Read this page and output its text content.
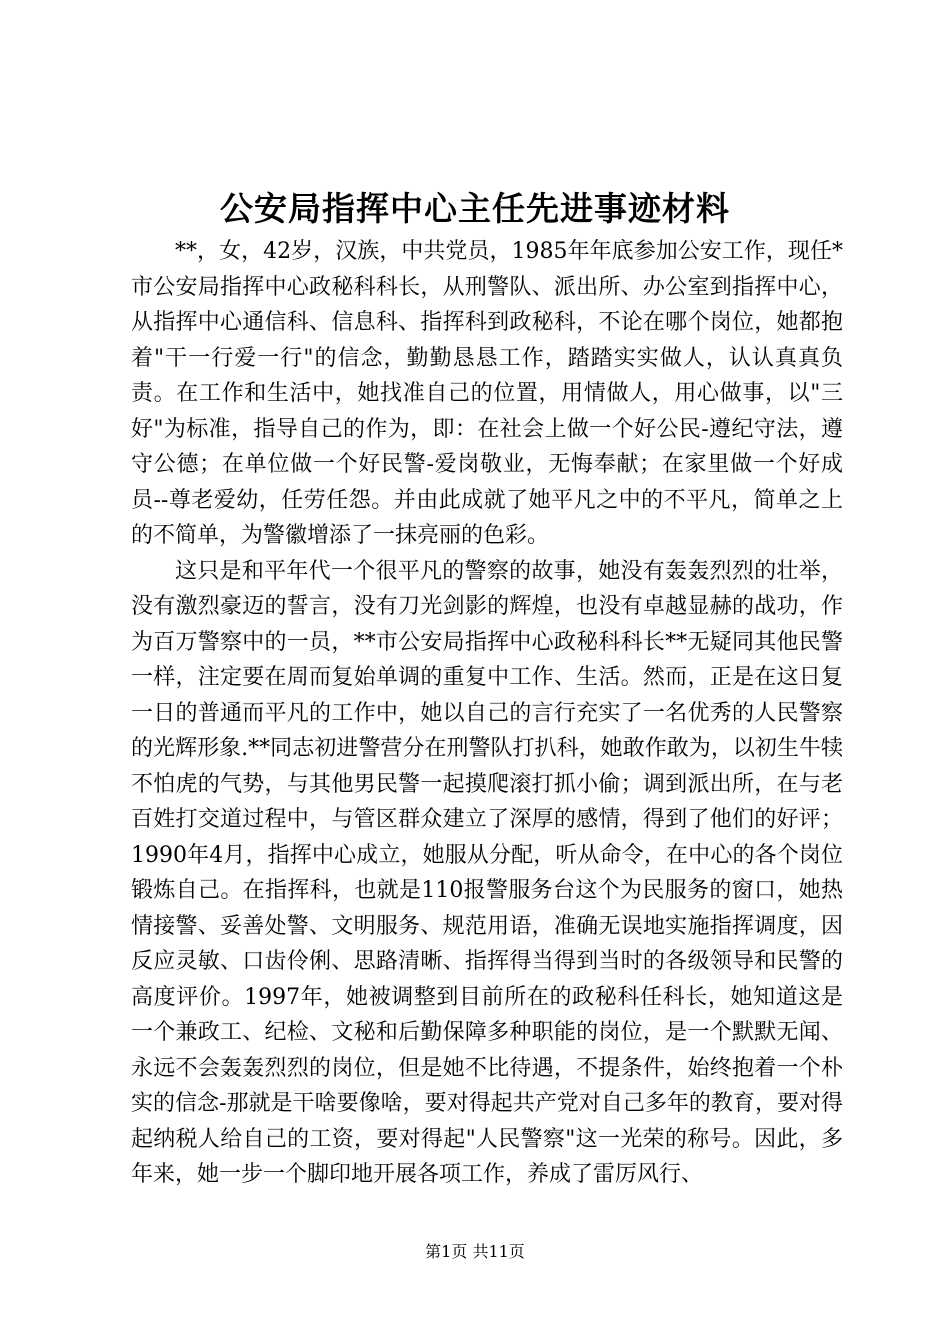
公安局指挥中心主任先进事迹材料

**，女，42岁，汉族，中共党员，1985年年底参加公安工作，现任*市公安局指挥中心政秘科科长，从刑警队、派出所、办公室到指挥中心，从指挥中心通信科、信息科、指挥科到政秘科，不论在哪个岗位，她都抱着"干一行爱一行"的信念，勤勤恳恳工作，踏踏实实做人，认认真真负责。在工作和生活中，她找准自己的位置，用情做人，用心做事，以"三好"为标准，指导自己的作为，即：在社会上做一个好公民-遵纪守法，遵守公德；在单位做一个好民警-爱岗敬业，无悔奉献；在家里做一个好成员--尊老爱幼，任劳任怨。并由此成就了她平凡之中的不平凡，简单之上的不简单，为警徽增添了一抹亮丽的色彩。

这只是和平年代一个很平凡的警察的故事，她没有轰轰烈烈的壮举，没有激烈豪迈的誓言，没有刀光剑影的辉煌，也没有卓越显赫的战功，作为百万警察中的一员，**市公安局指挥中心政秘科科长**无疑同其他民警一样，注定要在周而复始单调的重复中工作、生活。然而，正是在这日复一日的普通而平凡的工作中，她以自己的言行充实了一名优秀的人民警察的光辉形象.**同志初进警营分在刑警队打扒科，她敢作敢为，以初生牛犊不怕虎的气势，与其他男民警一起摸爬滚打抓小偷；调到派出所，在与老百姓打交道过程中，与管区群众建立了深厚的感情，得到了他们的好评；1990年4月，指挥中心成立，她服从分配，听从命令，在中心的各个岗位锻炼自己。在指挥科，也就是110报警服务台这个为民服务的窗口，她热情接警、妥善处警、文明服务、规范用语，准确无误地实施指挥调度，因反应灵敏、口齿伶俐、思路清晰、指挥得当得到当时的各级领导和民警的高度评价。1997年，她被调整到目前所在的政秘科任科长，她知道这是一个兼政工、纪检、文秘和后勤保障多种职能的岗位，是一个默默无闻、永远不会轰轰烈烈的岗位，但是她不比待遇，不提条件，始终抱着一个朴实的信念-那就是干啥要像啥，要对得起共产党对自己多年的教育，要对得起纳税人给自己的工资，要对得起"人民警察"这一光荣的称号。因此，多年来，她一步一个脚印地开展各项工作，养成了雷厉风行、

第1页 共11页
